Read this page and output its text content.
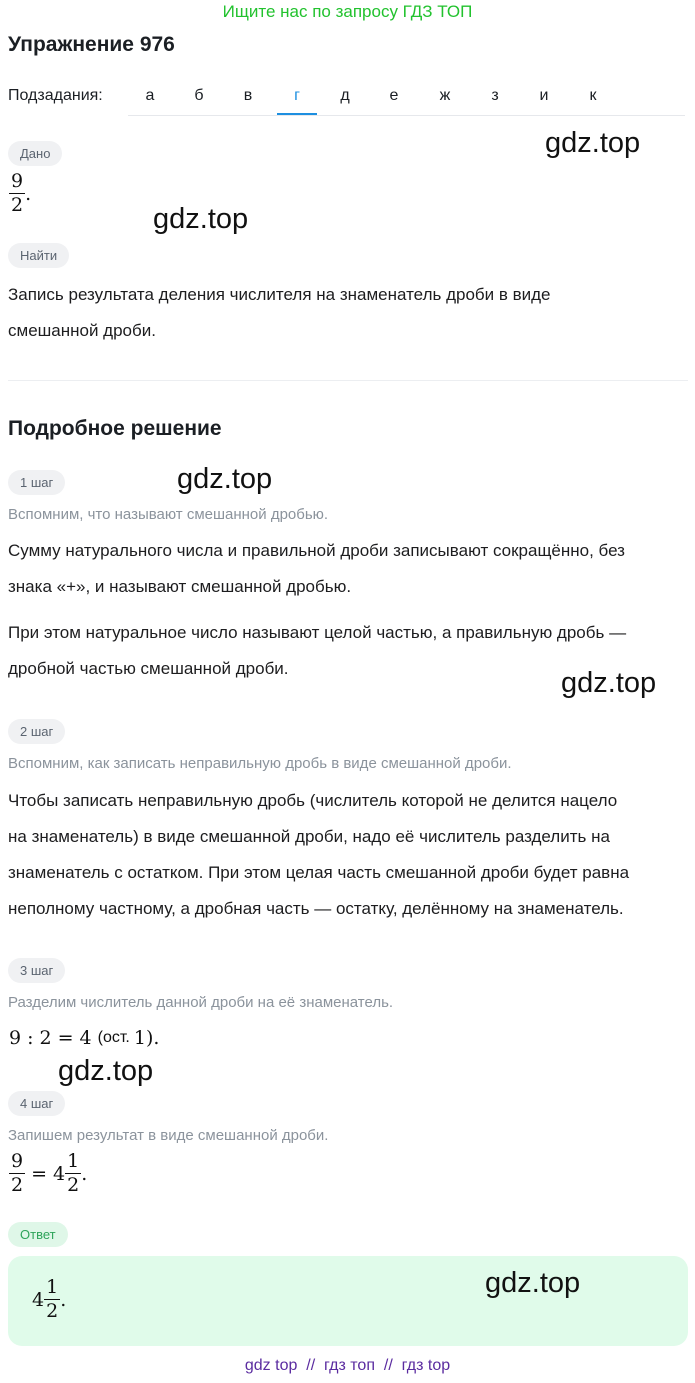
Ищите нас по запросу ГДЗ ТОП
Упражнение 976
Подзадания:	а	б	в	г	д	е	ж	з	и	к
Дано
$\frac{9}{2}$ .
Найти
Запись результата деления числителя на знаменатель дроби в виде
смешанной дроби.
Подробное решение
1 шаг
Вспомним, что называют смешанной дробью.
Сумму натурального числа и правильной дроби записывают сокращённо, без
знака «+», и называют смешанной дробью.
При этом натуральное число называют целой частью, а правильную дробь —
дробной частью смешанной дроби.
2 шаг
Вспомним, как записать неправильную дробь в виде смешанной дроби.
Чтобы записать неправильную дробь (числитель которой не делится нацело
на знаменатель) в виде смешанной дроби, надо её числитель разделить на
знаменатель с остатком. При этом целая часть смешанной дроби будет равна
неполному частному, а дробная часть — остатку, делённому на знаменатель.
3 шаг
Разделим числитель данной дроби на её знаменатель.
9 : 2 = 4 (ост. 1 ).
4 шаг
Запишем результат в виде смешанной дроби.
$\frac{9}{2} = 4 \frac{1}{2}$ .
Ответ
$4 \frac{1}{2}$ .
gdz.top
gdz.top
gdz.top
gdz.top
gdz.top
gdz.top
gdz top  //  гдз топ  //  гдз top
